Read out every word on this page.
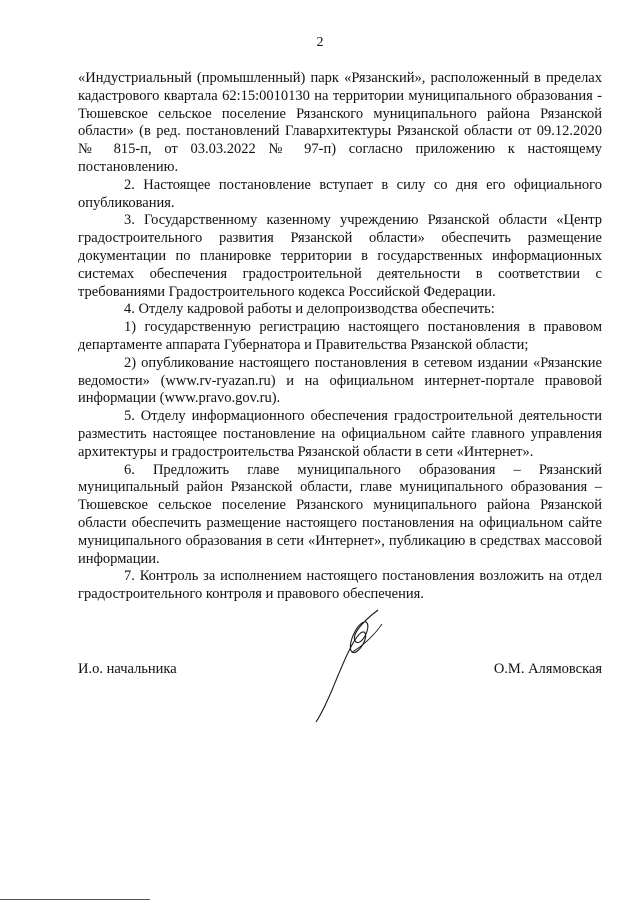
2

«Индустриальный (промышленный) парк «Рязанский», расположенный в пределах кадастрового квартала 62:15:0010130 на территории муниципального образования - Тюшевское сельское поселение Рязанского муниципального района Рязанской области» (в ред. постановлений Главархитектуры Рязанской области от 09.12.2020 № 815-п, от 03.03.2022 № 97-п) согласно приложению к настоящему постановлению.

2. Настоящее постановление вступает в силу со дня его официального опубликования.

3. Государственному казенному учреждению Рязанской области «Центр градостроительного развития Рязанской области» обеспечить размещение документации по планировке территории в государственных информационных системах обеспечения градостроительной деятельности в соответствии с требованиями Градостроительного кодекса Российской Федерации.

4. Отделу кадровой работы и делопроизводства обеспечить:

1) государственную регистрацию настоящего постановления в правовом департаменте аппарата Губернатора и Правительства Рязанской области;

2) опубликование настоящего постановления в сетевом издании «Рязанские ведомости» (www.rv-ryazan.ru) и на официальном интернет-портале правовой информации (www.pravo.gov.ru).

5. Отделу информационного обеспечения градостроительной деятельности разместить настоящее постановление на официальном сайте главного управления архитектуры и градостроительства Рязанской области в сети «Интернет».

6. Предложить главе муниципального образования – Рязанский муниципальный район Рязанской области, главе муниципального образования – Тюшевское сельское поселение Рязанского муниципального района Рязанской области обеспечить размещение настоящего постановления на официальном сайте муниципального образования в сети «Интернет», публикацию в средствах массовой информации.

7. Контроль за исполнением настоящего постановления возложить на отдел градостроительного контроля и правового обеспечения.

И.о. начальника	О.М. Алямовская
